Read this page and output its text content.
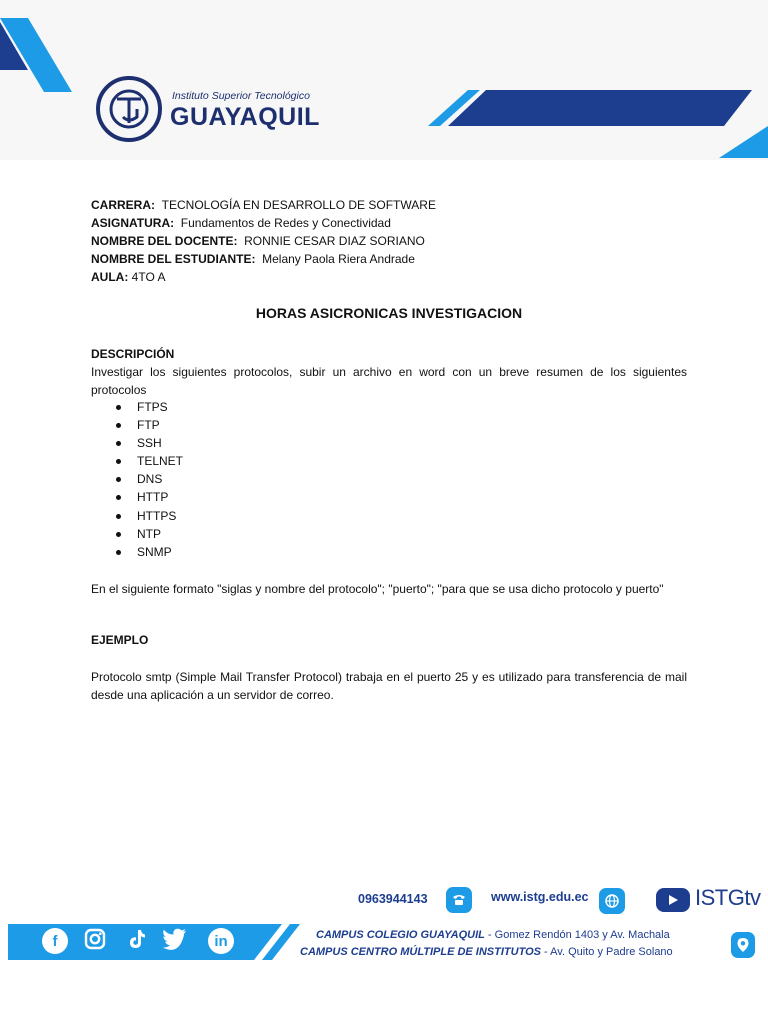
Instituto Superior Tecnológico
GUAYAQUIL
CARRERA: TECNOLOGÍA EN DESARROLLO DE SOFTWARE
ASIGNATURA: Fundamentos de Redes y Conectividad
NOMBRE DEL DOCENTE: RONNIE CESAR DIAZ SORIANO
NOMBRE DEL ESTUDIANTE: Melany Paola Riera Andrade
AULA: 4TO A
HORAS ASICRONICAS INVESTIGACION
DESCRIPCIÓN

Investigar los siguientes protocolos, subir un archivo en word con un breve resumen de los siguientes protocolos

FTPS
FTP
SSH
TELNET
DNS
HTTP
HTTPS
NTP
SNMP
En el siguiente formato "siglas y nombre del protocolo"; "puerto"; "para que se usa dicho protocolo y puerto"
EJEMPLO
Protocolo smtp (Simple Mail Transfer Protocol) trabaja en el puerto 25 y es utilizado para transferencia de mail desde una aplicación a un servidor de correo.
0963944143	www.istg.edu.ec	ISTGtv
f	in	CAMPUS COLEGIO GUAYAQUIL - Gomez Rendón 1403 y Av. Machala
CAMPUS CENTRO MÚLTIPLE DE INSTITUTOS - Av. Quito y Padre Solano
